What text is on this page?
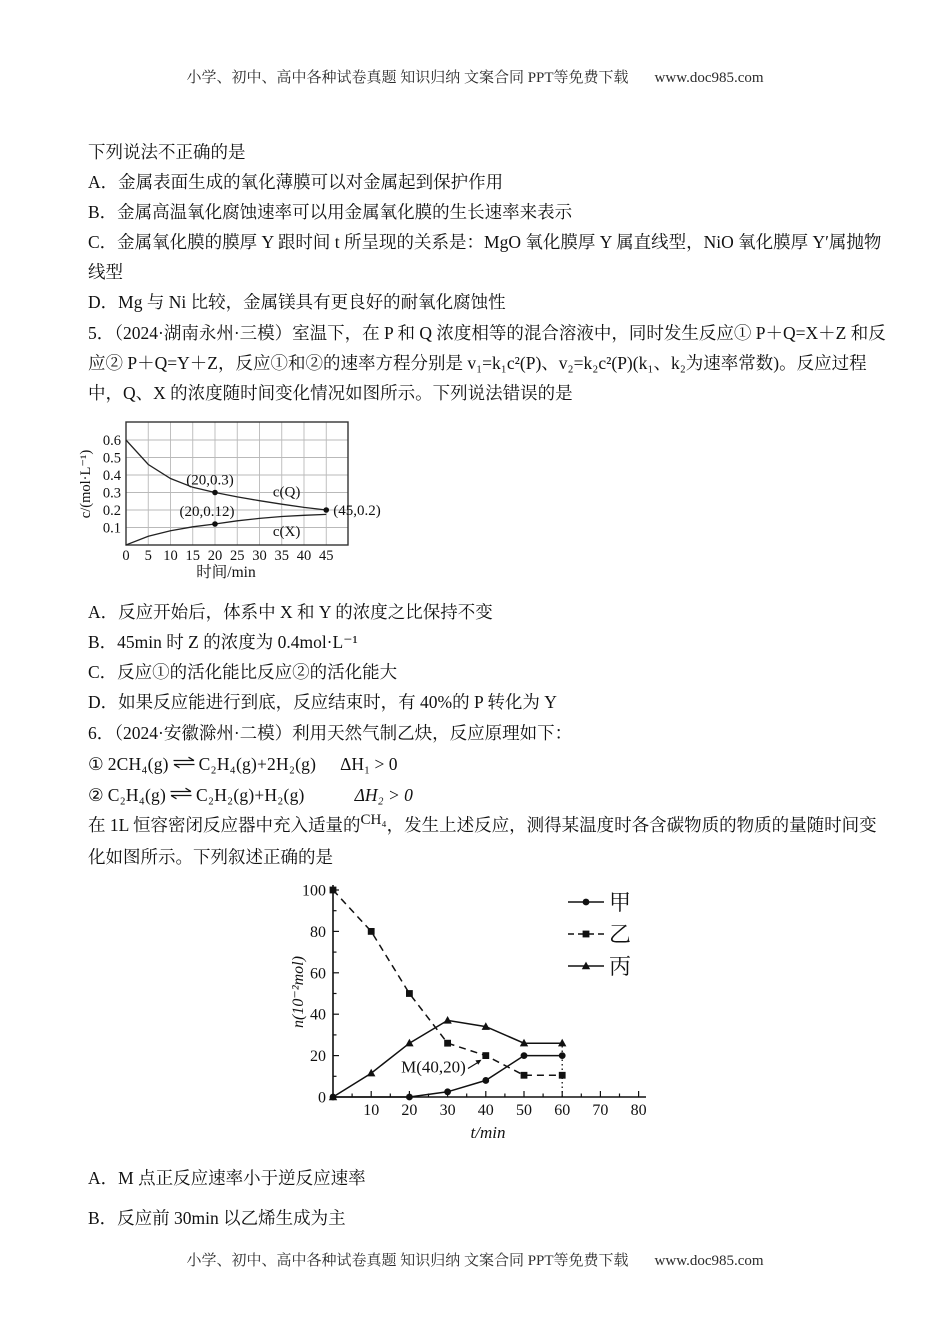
小学、初中、高中各种试卷真题 知识归纳 文案合同 PPT等免费下载 www.doc985.com

下列说法不正确的是

A．金属表面生成的氧化薄膜可以对金属起到保护作用

B．金属高温氧化腐蚀速率可以用金属氧化膜的生长速率来表示

C．金属氧化膜的膜厚 Y 跟时间 t 所呈现的关系是：MgO 氧化膜厚 Y 属直线型，NiO 氧化膜厚 Y′属抛物线型

D．Mg 与 Ni 比较，金属镁具有更良好的耐氧化腐蚀性

5．（2024·湖南永州·三模）室温下，在 P 和 Q 浓度相等的混合溶液中，同时发生反应① P＋Q=X＋Z 和反应② P＋Q=Y＋Z，反应①和②的速率方程分别是 v₁=k₁c²(P)、v₂=k₂c²(P)(k₁、k₂为速率常数)。反应过程中，Q、X 的浓度随时间变化情况如图所示。下列说法错误的是

(20,0.3)
(20,0.12)
c(Q)
c(X)
(45,0.2)
0 5 10 15 20 25 30 35 40 45
0.1
0.2
0.3
0.4
0.5
0.6
时间/min
c/(mol·L⁻¹)

A．反应开始后，体系中 X 和 Y 的浓度之比保持不变

B．45min 时 Z 的浓度为 0.4mol·L⁻¹

C．反应①的活化能比反应②的活化能大

D．如果反应能进行到底，反应结束时，有 40%的 P 转化为 Y

6．（2024·安徽滁州·二模）利用天然气制乙炔，反应原理如下：

① 2CH₄(g) ⇌ C₂H₄(g)+2H₂(g) ΔH₁ > 0

② C₂H₄(g) ⇌ C₂H₂(g)+H₂(g)	ΔH₂ > 0

在 1L 恒容密闭反应器中充入适量的CH₄，发生上述反应，测得某温度时各含碳物质的物质的量随时间变化如图所示。下列叙述正确的是

10 20 30 40 50 60 70 80
0
20
40
60
80
100	甲
乙
丙
M(40,20)
t/min
n(10⁻²mol)

A．M 点正反应速率小于逆反应速率

B．反应前 30min 以乙烯生成为主

小学、初中、高中各种试卷真题 知识归纳 文案合同 PPT等免费下载 www.doc985.com
